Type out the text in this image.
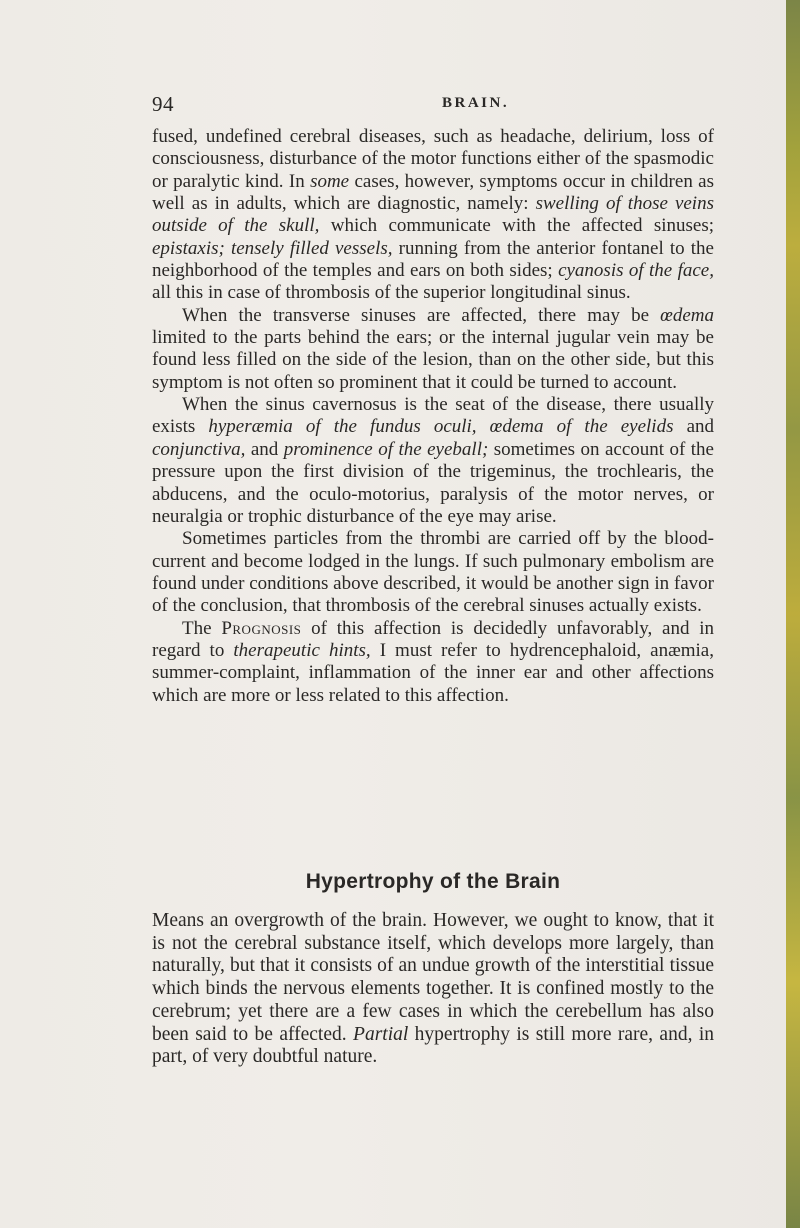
94	BRAIN.

fused, undefined cerebral diseases, such as headache, delirium, loss of consciousness, disturbance of the motor functions either of the spasmodic or paralytic kind. In some cases, however, symptoms occur in children as well as in adults, which are diagnostic, namely: swelling of those veins outside of the skull, which communicate with the affected sinuses; epistaxis; tensely filled vessels, running from the anterior fontanel to the neighborhood of the temples and ears on both sides; cyanosis of the face, all this in case of thrombosis of the superior longitudinal sinus.

When the transverse sinuses are affected, there may be œdema limited to the parts behind the ears; or the internal jugular vein may be found less filled on the side of the lesion, than on the other side, but this symptom is not often so prominent that it could be turned to account.

When the sinus cavernosus is the seat of the disease, there usually exists hyperæmia of the fundus oculi, œdema of the eyelids and conjunctiva, and prominence of the eyeball; sometimes on account of the pressure upon the first division of the trigeminus, the trochlearis, the abducens, and the oculo-motorius, paralysis of the motor nerves, or neuralgia or trophic disturbance of the eye may arise.

Sometimes particles from the thrombi are carried off by the blood-current and become lodged in the lungs. If such pulmonary embolism are found under conditions above described, it would be another sign in favor of the conclusion, that thrombosis of the cerebral sinuses actually exists.

The Prognosis of this affection is decidedly unfavorably, and in regard to therapeutic hints, I must refer to hydrencephaloid, anæmia, summer-complaint, inflammation of the inner ear and other affections which are more or less related to this affection.

Hypertrophy of the Brain

Means an overgrowth of the brain. However, we ought to know, that it is not the cerebral substance itself, which develops more largely, than naturally, but that it consists of an undue growth of the interstitial tissue which binds the nervous elements together. It is confined mostly to the cerebrum; yet there are a few cases in which the cerebellum has also been said to be affected. Partial hypertrophy is still more rare, and, in part, of very doubtful nature.
